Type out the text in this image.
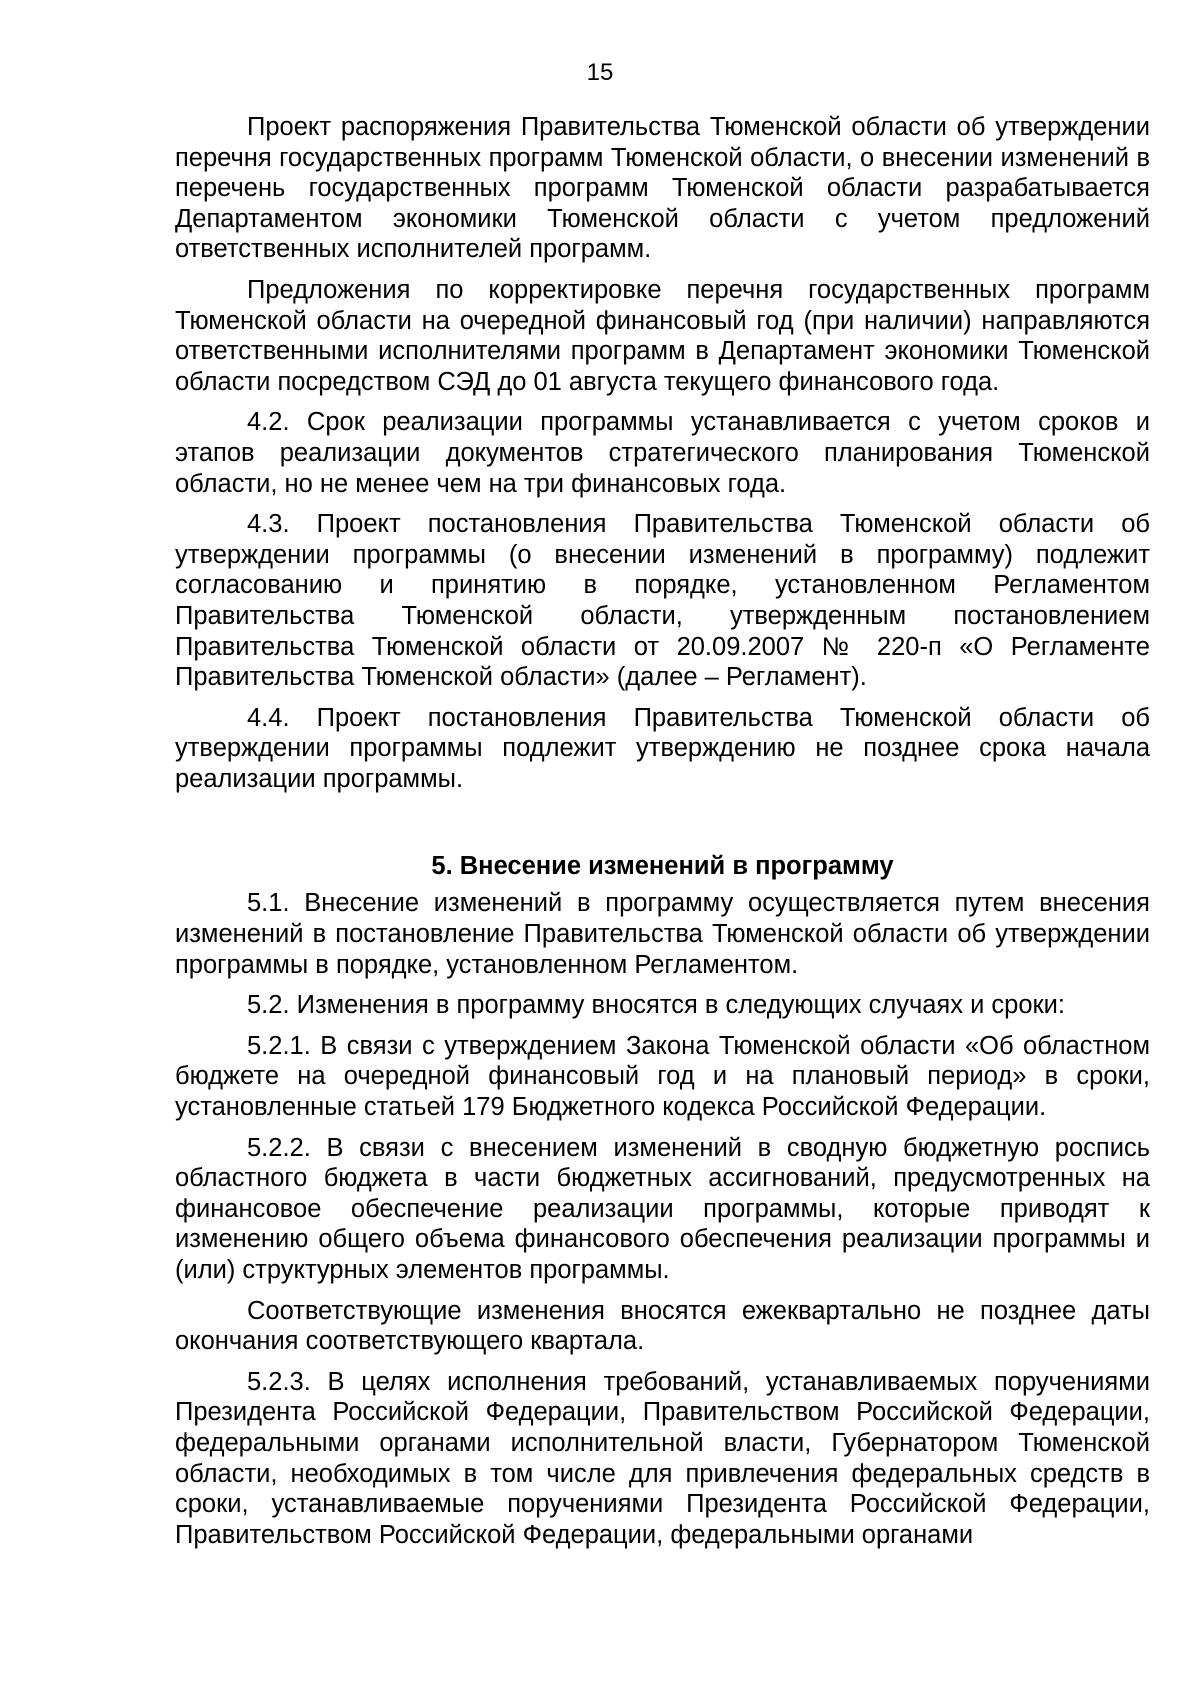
15

Проект распоряжения Правительства Тюменской области об утверждении перечня государственных программ Тюменской области, о внесении изменений в перечень государственных программ Тюменской области разрабатывается Департаментом экономики Тюменской области с учетом предложений ответственных исполнителей программ.

Предложения по корректировке перечня государственных программ Тюменской области на очередной финансовый год (при наличии) направляются ответственными исполнителями программ в Департамент экономики Тюменской области посредством СЭД до 01 августа текущего финансового года.

4.2. Срок реализации программы устанавливается с учетом сроков и этапов реализации документов стратегического планирования Тюменской области, но не менее чем на три финансовых года.

4.3. Проект постановления Правительства Тюменской области об утверждении программы (о внесении изменений в программу) подлежит согласованию и принятию в порядке, установленном Регламентом Правительства Тюменской области, утвержденным постановлением Правительства Тюменской области от 20.09.2007 № 220-п «О Регламенте Правительства Тюменской области» (далее – Регламент).

4.4. Проект постановления Правительства Тюменской области об утверждении программы подлежит утверждению не позднее срока начала реализации программы.

5. Внесение изменений в программу

5.1. Внесение изменений в программу осуществляется путем внесения изменений в постановление Правительства Тюменской области об утверждении программы в порядке, установленном Регламентом.

5.2. Изменения в программу вносятся в следующих случаях и сроки:

5.2.1. В связи с утверждением Закона Тюменской области «Об областном бюджете на очередной финансовый год и на плановый период» в сроки, установленные статьей 179 Бюджетного кодекса Российской Федерации.

5.2.2. В связи с внесением изменений в сводную бюджетную роспись областного бюджета в части бюджетных ассигнований, предусмотренных на финансовое обеспечение реализации программы, которые приводят к изменению общего объема финансового обеспечения реализации программы и (или) структурных элементов программы.

Соответствующие изменения вносятся ежеквартально не позднее даты окончания соответствующего квартала.

5.2.3. В целях исполнения требований, устанавливаемых поручениями Президента Российской Федерации, Правительством Российской Федерации, федеральными органами исполнительной власти, Губернатором Тюменской области, необходимых в том числе для привлечения федеральных средств в сроки, устанавливаемые поручениями Президента Российской Федерации, Правительством Российской Федерации, федеральными органами
